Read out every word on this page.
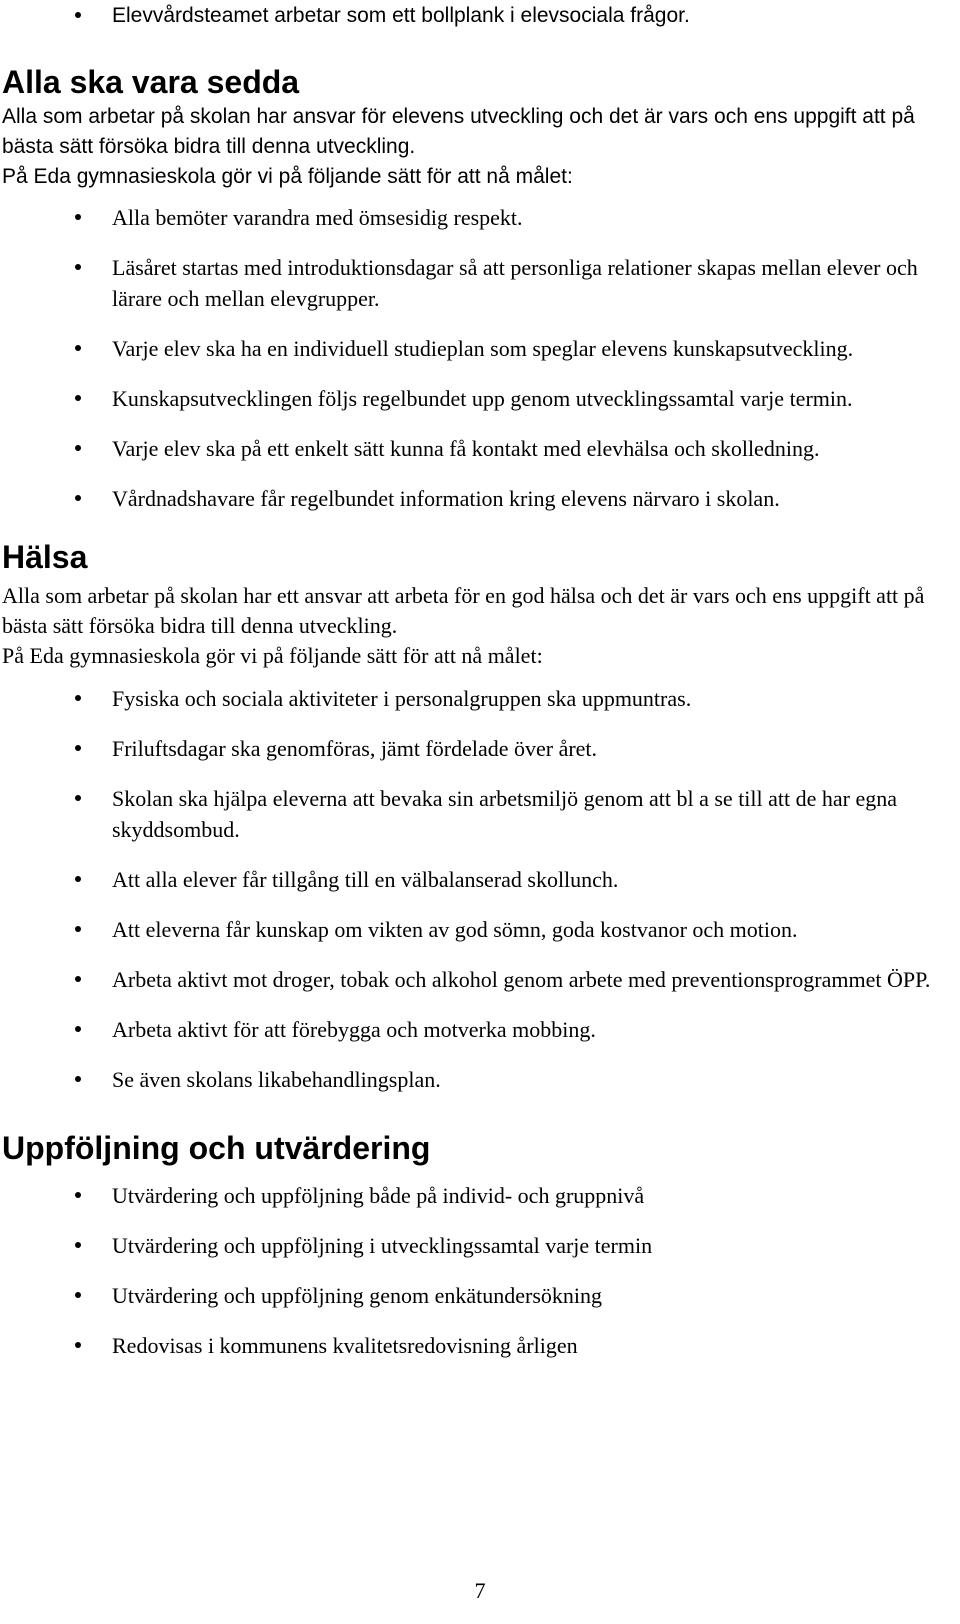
Elevvårdsteamet arbetar som ett bollplank i elevsociala frågor.
Alla ska vara sedda

Alla som arbetar på skolan har ansvar för elevens utveckling och det är vars och ens uppgift att på bästa sätt försöka bidra till denna utveckling.

På Eda gymnasieskola gör vi på följande sätt för att nå målet:

Alla bemöter varandra med ömsesidig respekt.
Läsåret startas med introduktionsdagar så att personliga relationer skapas mellan elever och lärare och mellan elevgrupper.
Varje elev ska ha en individuell studieplan som speglar elevens kunskapsutveckling.
Kunskapsutvecklingen följs regelbundet upp genom utvecklingssamtal varje termin.
Varje elev ska på ett enkelt sätt kunna få kontakt med elevhälsa och skolledning.
Vårdnadshavare får regelbundet information kring elevens närvaro i skolan.
Hälsa

Alla som arbetar på skolan har ett ansvar att arbeta för en god hälsa och det är vars och ens uppgift att på bästa sätt försöka bidra till denna utveckling.

På Eda gymnasieskola gör vi på följande sätt för att nå målet:

Fysiska och sociala aktiviteter i personalgruppen ska uppmuntras.
Friluftsdagar ska genomföras, jämt fördelade över året.
Skolan ska hjälpa eleverna att bevaka sin arbetsmiljö genom att bl a se till att de har egna skyddsombud.
Att alla elever får tillgång till en välbalanserad skollunch.
Att eleverna får kunskap om vikten av god sömn, goda kostvanor och motion.
Arbeta aktivt mot droger, tobak och alkohol genom arbete med preventionsprogrammet ÖPP.
Arbeta aktivt för att förebygga och motverka mobbing.
Se även skolans likabehandlingsplan.
Uppföljning och utvärdering
Utvärdering och uppföljning både på individ- och gruppnivå
Utvärdering och uppföljning i utvecklingssamtal varje termin
Utvärdering och uppföljning genom enkätundersökning
Redovisas i kommunens kvalitetsredovisning årligen
7
